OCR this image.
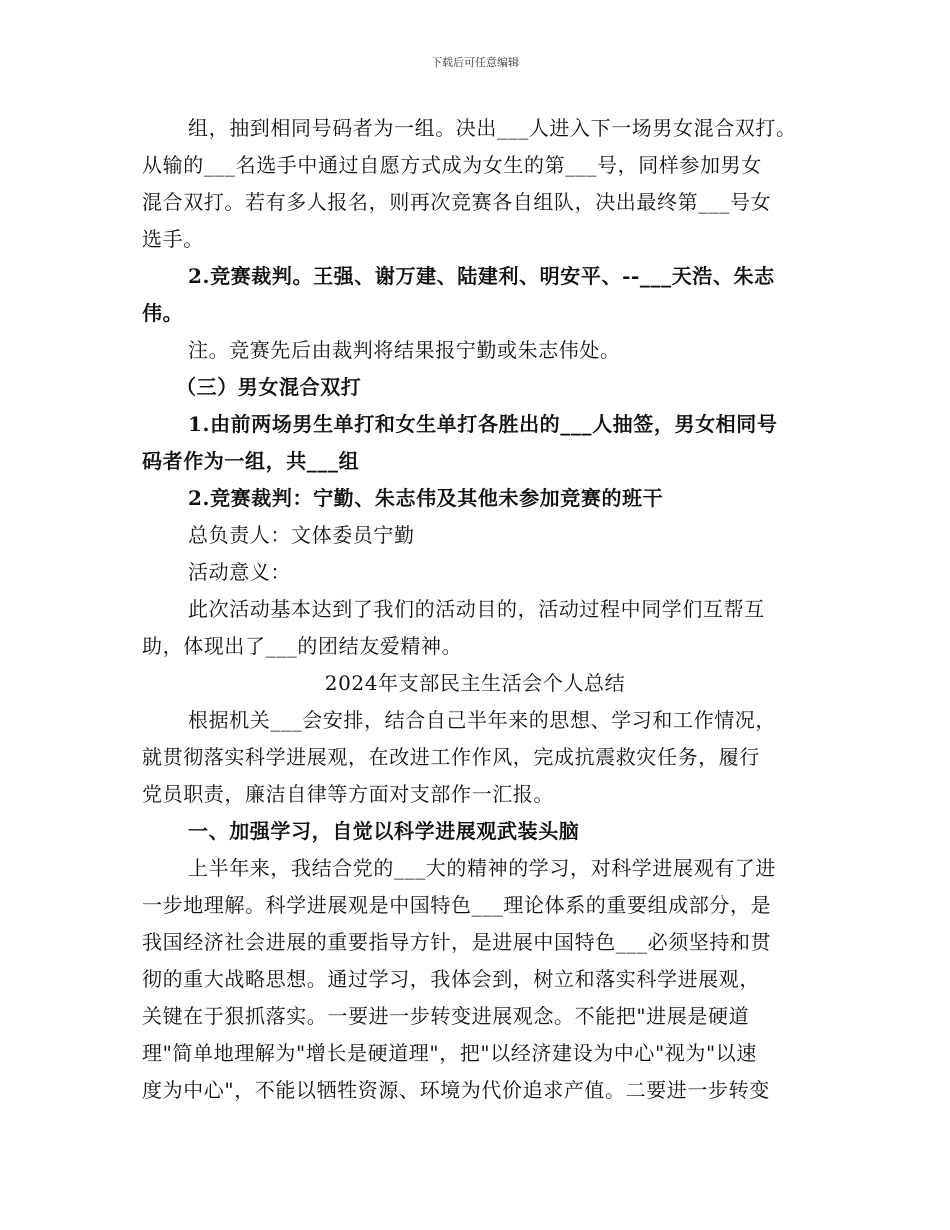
下载后可任意编辑
组，抽到相同号码者为一组。决出___人进入下一场男女混合双打。
从输的___名选手中通过自愿方式成为女生的第___号，同样参加男女
混合双打。若有多人报名，则再次竞赛各自组队，决出最终第___号女
选手。
2.竞赛裁判。王强、谢万建、陆建利、明安平、--___天浩、朱志
伟。
注。竞赛先后由裁判将结果报宁勤或朱志伟处。
（三）男女混合双打
1.由前两场男生单打和女生单打各胜出的___人抽签，男女相同号
码者作为一组，共___组
2.竞赛裁判：宁勤、朱志伟及其他未参加竞赛的班干
总负责人：文体委员宁勤
活动意义：
此次活动基本达到了我们的活动目的，活动过程中同学们互帮互
助，体现出了___的团结友爱精神。
2024年支部民主生活会个人总结
根据机关___会安排，结合自己半年来的思想、学习和工作情况，
就贯彻落实科学进展观，在改进工作作风，完成抗震救灾任务，履行
党员职责，廉洁自律等方面对支部作一汇报。
一、加强学习，自觉以科学进展观武装头脑
上半年来，我结合党的___大的精神的学习，对科学进展观有了进
一步地理解。科学进展观是中国特色___理论体系的重要组成部分，是
我国经济社会进展的重要指导方针，是进展中国特色___必须坚持和贯
彻的重大战略思想。通过学习，我体会到，树立和落实科学进展观，
关键在于狠抓落实。一要进一步转变进展观念。不能把"进展是硬道
理"简单地理解为"增长是硬道理"，把"以经济建设为中心"视为"以速
度为中心"，不能以牺牲资源、环境为代价追求产值。二要进一步转变
